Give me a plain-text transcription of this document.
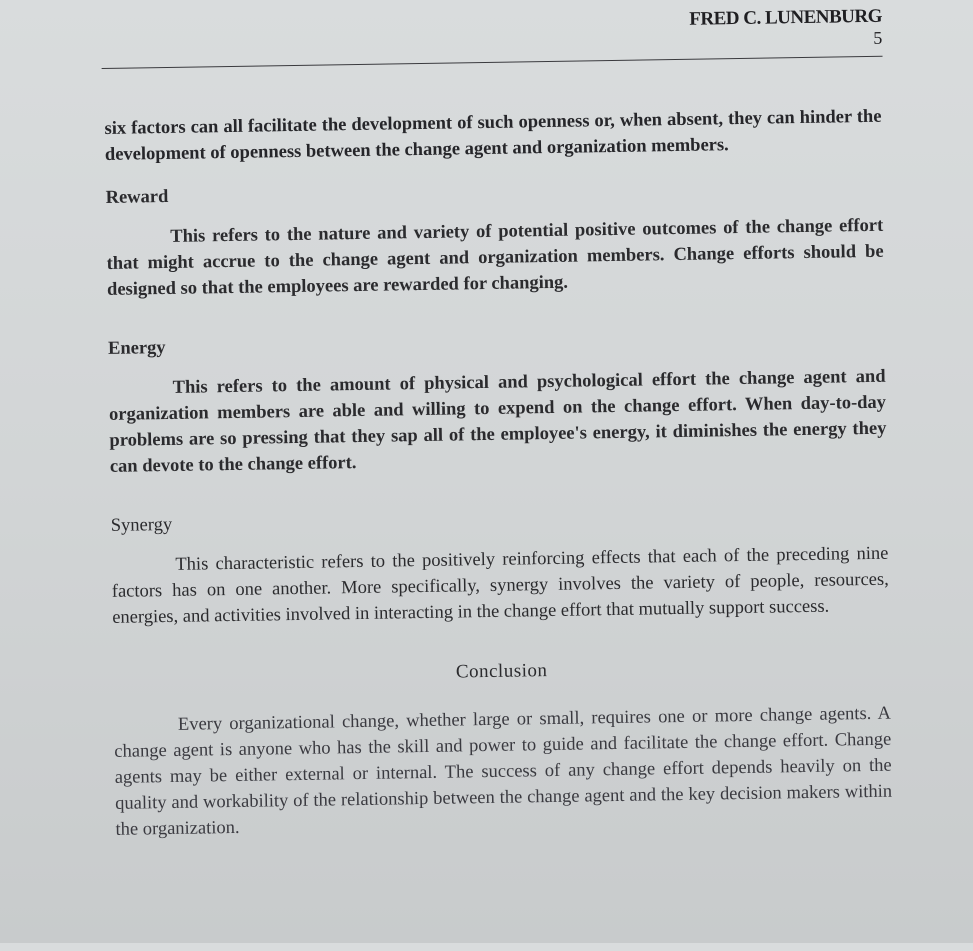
FRED C. LUNENBURG
5

six factors can all facilitate the development of such openness or, when absent, they can hinder the development of openness between the change agent and organization members.

Reward

This refers to the nature and variety of potential positive outcomes of the change effort that might accrue to the change agent and organization members. Change efforts should be designed so that the employees are rewarded for changing.

Energy

This refers to the amount of physical and psychological effort the change agent and organization members are able and willing to expend on the change effort. When day-to-day problems are so pressing that they sap all of the employee's energy, it diminishes the energy they can devote to the change effort.

Synergy

This characteristic refers to the positively reinforcing effects that each of the preceding nine factors has on one another. More specifically, synergy involves the variety of people, resources, energies, and activities involved in interacting in the change effort that mutually support success.

Conclusion

Every organizational change, whether large or small, requires one or more change agents. A change agent is anyone who has the skill and power to guide and facilitate the change effort. Change agents may be either external or internal. The success of any change effort depends heavily on the quality and workability of the relationship between the change agent and the key decision makers within the organization.
